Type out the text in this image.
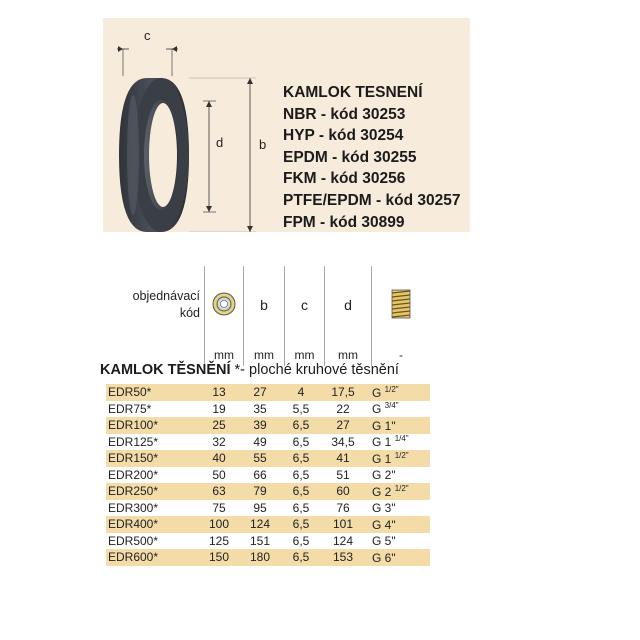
c
d	b
KAMLOK TESNENÍ
NBR - kód 30253
HYP - kód 30254
EPDM - kód 30255
FKM - kód 30256
PTFE/EPDM - kód 30257
FPM - kód 30899
objednávací
kód		b	c	d	
	mm	mm	mm	mm	-
KAMLOK TĚSNĚNÍ *- ploché kruhové těsnění
EDR50*	13	27	4	17,5	G $^{1/2"}$
EDR75*	19	35	5,5	22	G $^{3/4"}$
EDR100*	25	39	6,5	27	G 1"
EDR125*	32	49	6,5	34,5	G 1 $^{1/4"}$
EDR150*	40	55	6,5	41	G 1 $^{1/2"}$
EDR200*	50	66	6,5	51	G 2"
EDR250*	63	79	6,5	60	G 2 $^{1/2"}$
EDR300*	75	95	6,5	76	G 3"
EDR400*	100	124	6,5	101	G 4"
EDR500*	125	151	6,5	124	G 5"
EDR600*	150	180	6,5	153	G 6"
